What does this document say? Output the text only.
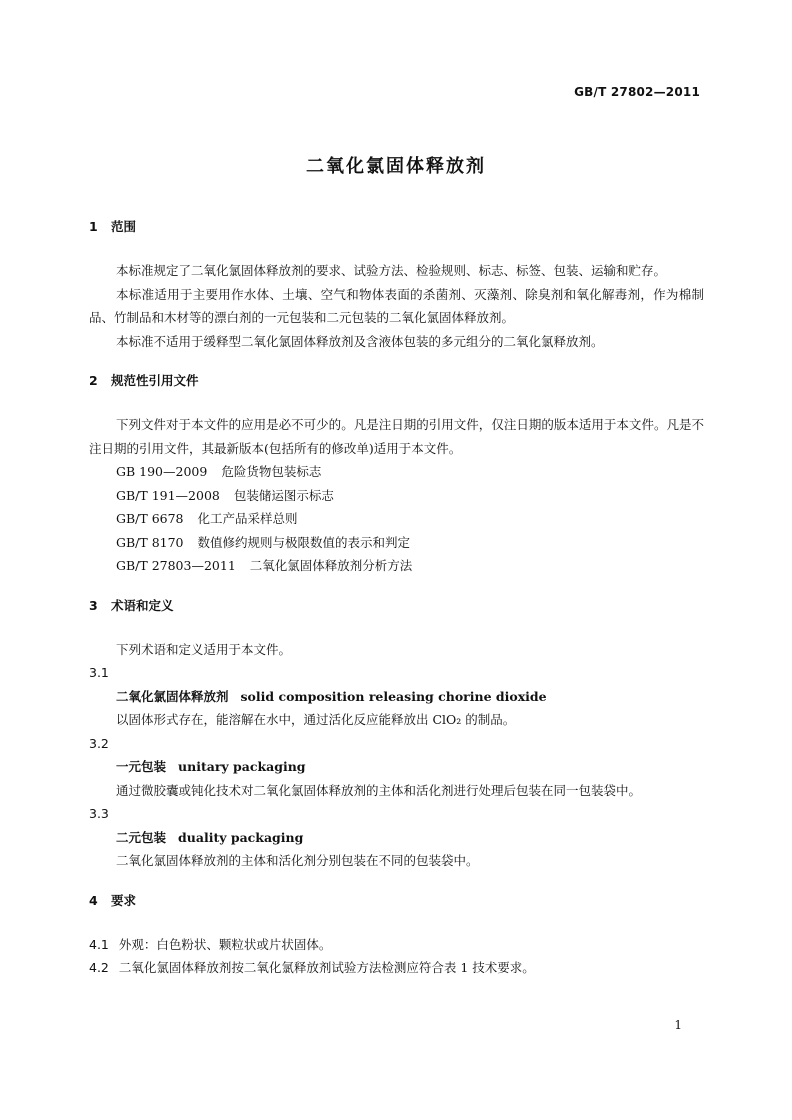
GB/T 27802—2011
二氧化氯固体释放剂
1 范围
本标准规定了二氧化氯固体释放剂的要求、试验方法、检验规则、标志、标签、包装、运输和贮存。
本标准适用于主要用作水体、土壤、空气和物体表面的杀菌剂、灭藻剂、除臭剂和氧化解毒剂，作为棉制品、竹制品和木材等的漂白剂的一元包装和二元包装的二氧化氯固体释放剂。
本标准不适用于缓释型二氧化氯固体释放剂及含液体包装的多元组分的二氧化氯释放剂。
2 规范性引用文件
下列文件对于本文件的应用是必不可少的。凡是注日期的引用文件，仅注日期的版本适用于本文件。凡是不注日期的引用文件，其最新版本(包括所有的修改单)适用于本文件。
GB 190—2009 危险货物包装标志
GB/T 191—2008 包装储运图示标志
GB/T 6678 化工产品采样总则
GB/T 8170 数值修约规则与极限数值的表示和判定
GB/T 27803—2011 二氧化氯固体释放剂分析方法
3 术语和定义
下列术语和定义适用于本文件。
3.1
二氧化氯固体释放剂 solid composition releasing chorine dioxide
以固体形式存在，能溶解在水中，通过活化反应能释放出 ClO₂ 的制品。
3.2
一元包装 unitary packaging
通过微胶囊或钝化技术对二氧化氯固体释放剂的主体和活化剂进行处理后包装在同一包装袋中。
3.3
二元包装 duality packaging
二氧化氯固体释放剂的主体和活化剂分别包装在不同的包装袋中。
4 要求
4.1 外观：白色粉状、颗粒状或片状固体。
4.2 二氧化氯固体释放剂按二氧化氯释放剂试验方法检测应符合表 1 技术要求。
1
